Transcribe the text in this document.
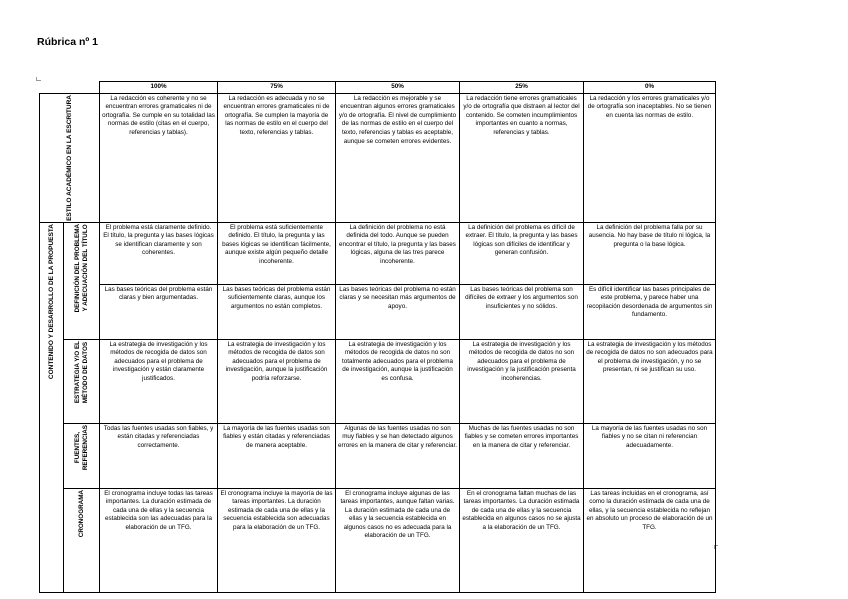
Rúbrica nº 1
		100%	75%	50%	25%	0%

ESTILO ACADÉMICO EN LA ESCRITURA		La redacción es coherente y no se encuentran errores gramaticales ni de ortografía. Se cumple en su totalidad las normas de estilo (citas en el cuerpo, referencias y tablas).	La redacción es adecuada y no se encuentran errores gramaticales ni de ortografía. Se cumplen la mayoría de las normas de estilo en el cuerpo del texto, referencias y tablas.	La redacción es mejorable y se encuentran algunos errores gramaticales y/o de ortografía. El nivel de cumplimiento de las normas de estilo en el cuerpo del texto, referencias y tablas es aceptable, aunque se cometen errores evidentes.	La redacción tiene errores gramaticales y/o de ortografía que distraen al lector del contenido. Se cometen incumplimientos importantes en cuanto a normas, referencias y tablas.	La redacción y los errores gramaticales y/o de ortografía son inaceptables. No se tienen en cuenta las normas de estilo.

CONTENIDO Y DESARROLLO DE LA PROPUESTA	DEFINICIÓN DEL PROBLEMA
Y ADECUACIÓN DEL TÍTULO	El problema está claramente definido. El título, la pregunta y las bases lógicas se identifican claramente y son coherentes.	El problema está suficientemente definido. El título, la pregunta y las bases lógicas se identifican fácilmente, aunque existe algún pequeño detalle incoherente.	La definición del problema no está definida del todo. Aunque se pueden encontrar el título, la pregunta y las bases lógicas, alguna de las tres parece incoherente.	La definición del problema es difícil de extraer. El título, la pregunta y las bases lógicas son difíciles de identificar y generan confusión.	La definición del problema falla por su ausencia. No hay base de título ni lógica, la pregunta o la base lógica.
		Las bases teóricas del problema están claras y bien argumentadas.	Las bases teóricas del problema están suficientemente claras, aunque los argumentos no están completos.	Las bases teóricas del problema no están claras y se necesitan más argumentos de apoyo.	Las bases teóricas del problema son difíciles de extraer y los argumentos son insuficientes y no sólidos.	Es difícil identificar las bases principales de este problema, y parece haber una recopilación desordenada de argumentos sin fundamento.

	ESTRATEGIA Y/O EL
MÉTODO DE DATOS	La estrategia de investigación y los métodos de recogida de datos son adecuados para el problema de investigación y están claramente justificados.	La estrategia de investigación y los métodos de recogida de datos son adecuados para el problema de investigación, aunque la justificación podría reforzarse.	La estrategia de investigación y los métodos de recogida de datos no son totalmente adecuados para el problema de investigación, aunque la justificación es confusa.	La estrategia de investigación y los métodos de recogida de datos no son adecuados para el problema de investigación y la justificación presenta incoherencias.	La estrategia de investigación y los métodos de recogida de datos no son adecuados para el problema de investigación, y no se presentan, ni se justifican su uso.

	FUENTES,
REFERENCIAS	Todas las fuentes usadas son fiables, y están citadas y referenciadas correctamente.	La mayoría de las fuentes usadas son fiables y están citadas y referenciadas de manera aceptable.	Algunas de las fuentes usadas no son muy fiables y se han detectado algunos errores en la manera de citar y referenciar.	Muchas de las fuentes usadas no son fiables y se cometen errores importantes en la manera de citar y referenciar.	La mayoría de las fuentes usadas no son fiables y no se citan ni referencian adecuadamente.

	CRONOGRAMA	El cronograma incluye todas las tareas importantes. La duración estimada de cada una de ellas y la secuencia establecida son las adecuadas para la elaboración de un TFG.	El cronograma incluye la mayoría de las tareas importantes. La duración estimada de cada una de ellas y la secuencia establecida son adecuadas para la elaboración de un TFG.	El cronograma incluye algunas de las tareas importantes, aunque faltan varias. La duración estimada de cada una de ellas y la secuencia establecida en algunos casos no es adecuada para la elaboración de un TFG.	En el cronograma faltan muchas de las tareas importantes. La duración estimada de cada una de ellas y la secuencia establecida en algunos casos no se ajusta a la elaboración de un TFG.	Las tareas incluidas en el cronograma, así como la duración estimada de cada una de ellas, y la secuencia establecida no reflejan en absoluto un proceso de elaboración de un TFG.
